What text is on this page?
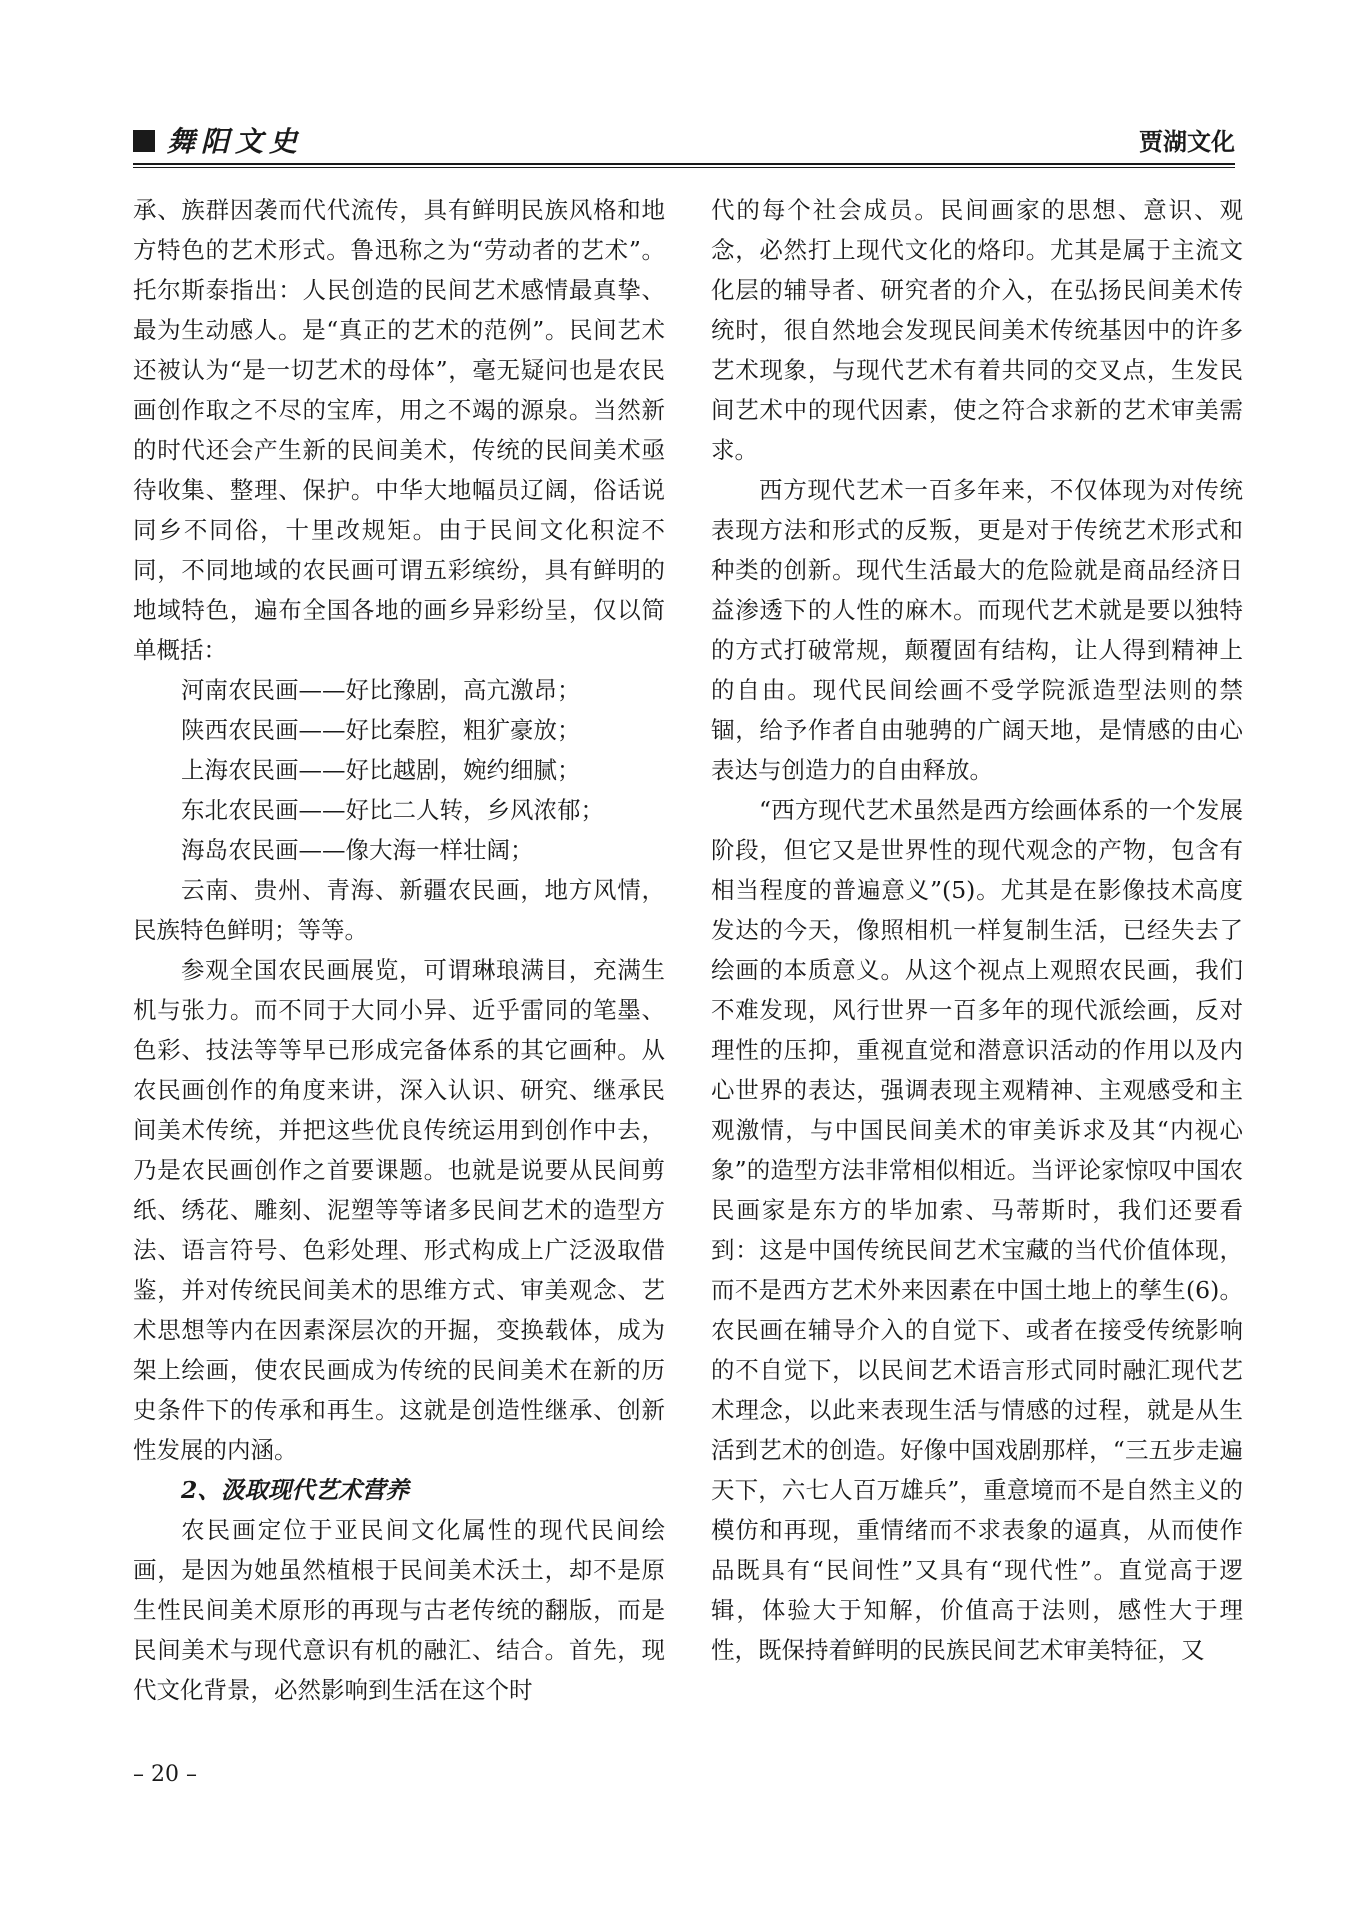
舞阳文史	贾湖文化

承、族群因袭而代代流传，具有鲜明民族风格和地方特色的艺术形式。鲁迅称之为“劳动者的艺术”。托尔斯泰指出：人民创造的民间艺术感情最真挚、最为生动感人。是“真正的艺术的范例”。民间艺术还被认为“是一切艺术的母体”，毫无疑问也是农民画创作取之不尽的宝库，用之不竭的源泉。当然新的时代还会产生新的民间美术，传统的民间美术亟待收集、整理、保护。中华大地幅员辽阔，俗话说同乡不同俗，十里改规矩。由于民间文化积淀不同，不同地域的农民画可谓五彩缤纷，具有鲜明的地域特色，遍布全国各地的画乡异彩纷呈，仅以简单概括：

河南农民画——好比豫剧，高亢激昂；
陕西农民画——好比秦腔，粗犷豪放；
上海农民画——好比越剧，婉约细腻；
东北农民画——好比二人转，乡风浓郁；
海岛农民画——像大海一样壮阔；

云南、贵州、青海、新疆农民画，地方风情，民族特色鲜明；等等。

参观全国农民画展览，可谓琳琅满目，充满生机与张力。而不同于大同小异、近乎雷同的笔墨、色彩、技法等等早已形成完备体系的其它画种。从农民画创作的角度来讲，深入认识、研究、继承民间美术传统，并把这些优良传统运用到创作中去，乃是农民画创作之首要课题。也就是说要从民间剪纸、绣花、雕刻、泥塑等等诸多民间艺术的造型方法、语言符号、色彩处理、形式构成上广泛汲取借鉴，并对传统民间美术的思维方式、审美观念、艺术思想等内在因素深层次的开掘，变换载体，成为架上绘画，使农民画成为传统的民间美术在新的历史条件下的传承和再生。这就是创造性继承、创新性发展的内涵。

2、汲取现代艺术营养

农民画定位于亚民间文化属性的现代民间绘画，是因为她虽然植根于民间美术沃土，却不是原生性民间美术原形的再现与古老传统的翻版，而是民间美术与现代意识有机的融汇、结合。首先，现代文化背景，必然影响到生活在这个时

代的每个社会成员。民间画家的思想、意识、观念，必然打上现代文化的烙印。尤其是属于主流文化层的辅导者、研究者的介入，在弘扬民间美术传统时，很自然地会发现民间美术传统基因中的许多艺术现象，与现代艺术有着共同的交叉点，生发民间艺术中的现代因素，使之符合求新的艺术审美需求。

西方现代艺术一百多年来，不仅体现为对传统表现方法和形式的反叛，更是对于传统艺术形式和种类的创新。现代生活最大的危险就是商品经济日益渗透下的人性的麻木。而现代艺术就是要以独特的方式打破常规，颠覆固有结构，让人得到精神上的自由。现代民间绘画不受学院派造型法则的禁锢，给予作者自由驰骋的广阔天地，是情感的由心表达与创造力的自由释放。

“西方现代艺术虽然是西方绘画体系的一个发展阶段，但它又是世界性的现代观念的产物，包含有相当程度的普遍意义”(5)。尤其是在影像技术高度发达的今天，像照相机一样复制生活，已经失去了绘画的本质意义。从这个视点上观照农民画，我们不难发现，风行世界一百多年的现代派绘画，反对理性的压抑，重视直觉和潜意识活动的作用以及内心世界的表达，强调表现主观精神、主观感受和主观激情，与中国民间美术的审美诉求及其“内视心象”的造型方法非常相似相近。当评论家惊叹中国农民画家是东方的毕加索、马蒂斯时，我们还要看到：这是中国传统民间艺术宝藏的当代价值体现，而不是西方艺术外来因素在中国土地上的孳生(6)。农民画在辅导介入的自觉下、或者在接受传统影响的不自觉下，以民间艺术语言形式同时融汇现代艺术理念，以此来表现生活与情感的过程，就是从生活到艺术的创造。好像中国戏剧那样，“三五步走遍天下，六七人百万雄兵”，重意境而不是自然主义的模仿和再现，重情绪而不求表象的逼真，从而使作品既具有“民间性”又具有“现代性”。直觉高于逻辑，体验大于知解，价值高于法则，感性大于理性，既保持着鲜明的民族民间艺术审美特征，又

– 20 –
